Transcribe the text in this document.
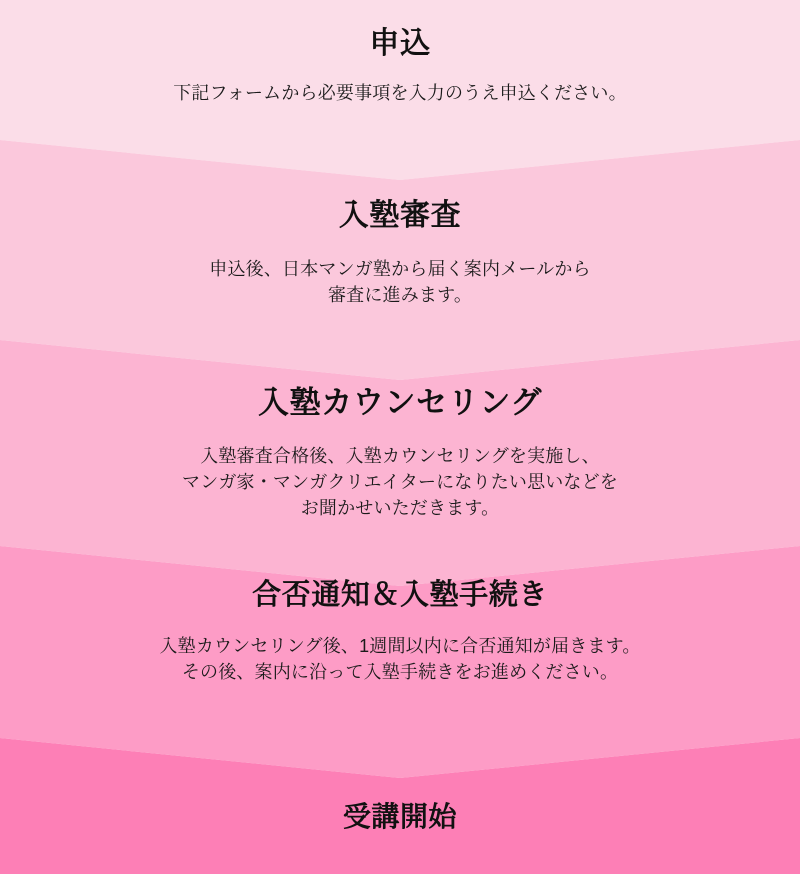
申込
下記フォームから必要事項を入力のうえ申込ください。
入塾審査
申込後、日本マンガ塾から届く案内メールから
審査に進みます。
入塾カウンセリング
入塾審査合格後、入塾カウンセリングを実施し、
マンガ家・マンガクリエイターになりたい思いなどを
お聞かせいただきます。
合否通知＆入塾手続き
入塾カウンセリング後、1週間以内に合否通知が届きます。
その後、案内に沿って入塾手続きをお進めください。
受講開始
